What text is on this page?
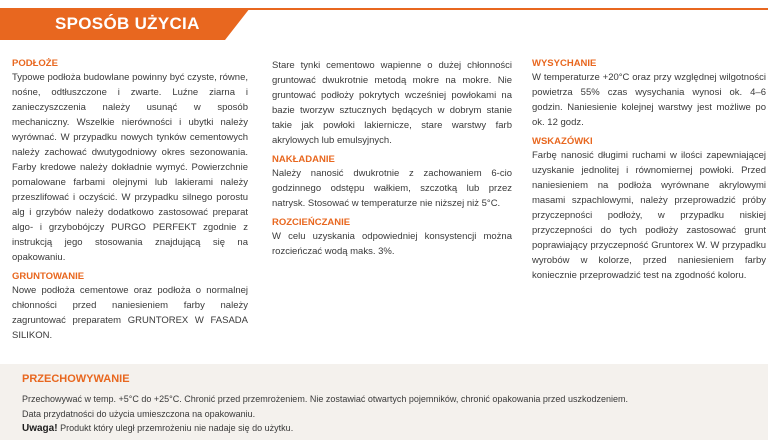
SPOSÓB UŻYCIA
PODŁOŻE
Typowe podłoża budowlane powinny być czyste, równe, nośne, odtłuszczone i zwarte. Luźne ziarna i zanieczyszczenia należy usunąć w sposób mechaniczny. Wszelkie nierówności i ubytki należy wyrównać. W przypadku nowych tynków cementowych należy zachować dwutygodniowy okres sezonowania. Farby kredowe należy dokładnie wymyć. Powierzchnie pomalowane farbami olejnymi lub lakierami należy przeszlifować i oczyścić. W przypadku silnego porostu alg i grzybów należy dodatkowo zastosować preparat algo- i grzybobójczy PURGO PERFEKT zgodnie z instrukcją jego stosowania znajdującą się na opakowaniu.
GRUNTOWANIE
Nowe podłoża cementowe oraz podłoża o normalnej chłonności przed naniesieniem farby należy zagruntować preparatem GRUNTOREX W FASADA SILIKON.
Stare tynki cementowo wapienne o dużej chłonności gruntować dwukrotnie metodą mokre na mokre. Nie gruntować podłoży pokrytych wcześniej powłokami na bazie tworzyw sztucznych będących w dobrym stanie takie jak powłoki lakiernicze, stare warstwy farb akrylowych lub emulsyjnych.
NAKŁADANIE
Należy nanosić dwukrotnie z zachowaniem 6-cio godzinnego odstępu wałkiem, szczotką lub przez natrysk. Stosować w temperaturze nie niższej niż 5°C.
ROZCIEŃCZANIE
W celu uzyskania odpowiedniej konsystencji można rozcieńczać wodą maks. 3%.
WYSYCHANIE
W temperaturze +20°C oraz przy względnej wilgotności powietrza 55% czas wysychania wynosi ok. 4–6 godzin. Naniesienie kolejnej warstwy jest możliwe po ok. 12 godz.
WSKAZÓWKI
Farbę nanosić długimi ruchami w ilości zapewniającej uzyskanie jednolitej i równomiernej powłoki. Przed naniesieniem na podłoża wyrównane akrylowymi masami szpachlowymi, należy przeprowadzić próby przyczepności podłoży, w przypadku niskiej przyczepności do tych podłoży zastosować grunt poprawiający przyczepność Gruntorex W. W przypadku wyrobów w kolorze, przed naniesieniem farby koniecznie przeprowadzić test na zgodność koloru.
PRZECHOWYWANIE
Przechowywać w temp. +5°C do +25°C. Chronić przed przemrożeniem. Nie zostawiać otwartych pojemników, chronić opakowania przed uszkodzeniem.
Data przydatności do użycia umieszczona na opakowaniu.
Uwaga! Produkt który uległ przemrożeniu nie nadaje się do użytku.
